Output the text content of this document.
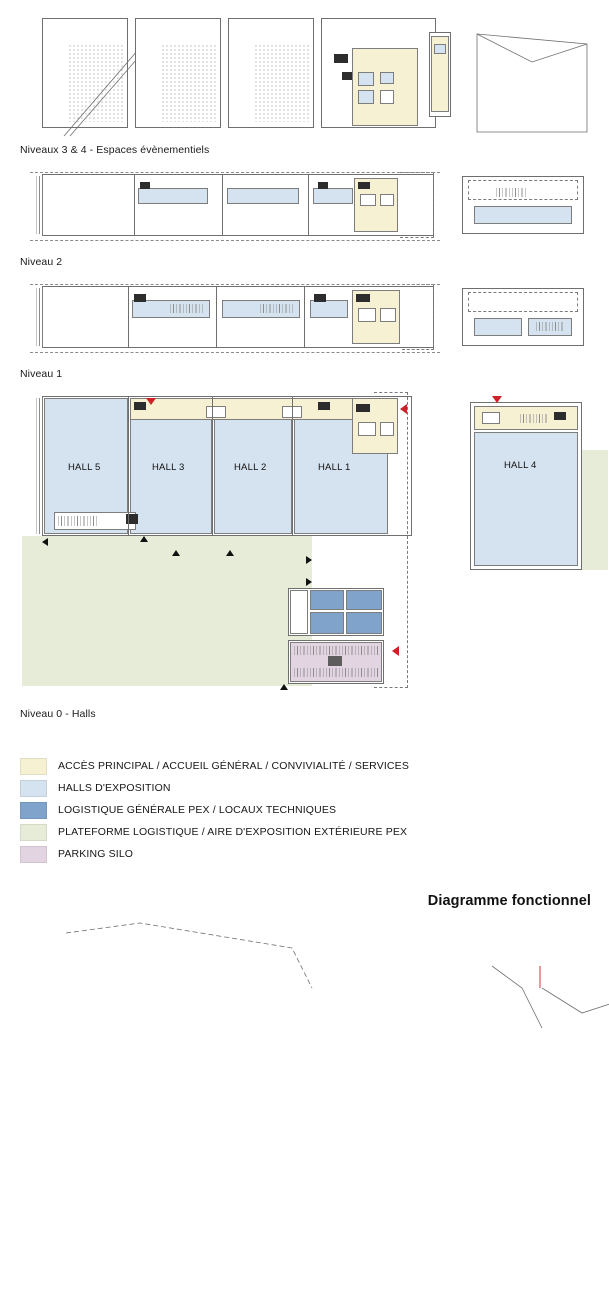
Niveaux 3 & 4 - Espaces évènementiels
Niveau 2
Niveau 1
HALL 5	HALL 3	HALL 2	HALL 1	HALL 4
Niveau 0 - Halls
ACCÈS PRINCIPAL / ACCUEIL GÉNÉRAL / CONVIVIALITÉ / SERVICES
HALLS D'EXPOSITION
LOGISTIQUE GÉNÉRALE PEX / LOCAUX TECHNIQUES
PLATEFORME LOGISTIQUE / AIRE D'EXPOSITION EXTÉRIEURE PEX
PARKING SILO
Diagramme fonctionnel
